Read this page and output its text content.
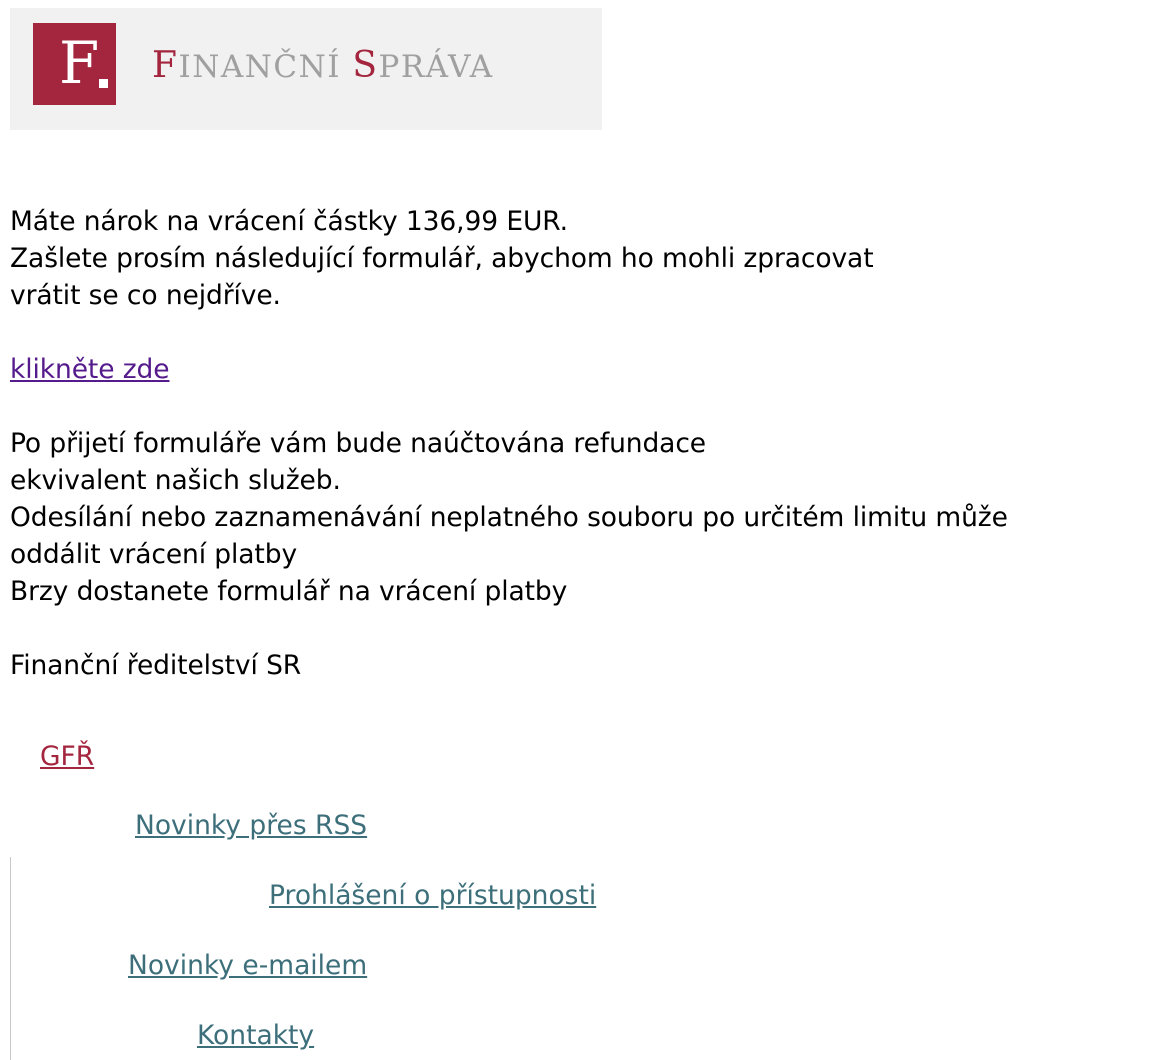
F FINANČNÍ SPRÁVA
Máte nárok na vrácení částky 136,99 EUR.
Zašlete prosím následující formulář, abychom ho mohli zpracovat
vrátit se co nejdříve.
klikněte zde
Po přijetí formuláře vám bude naúčtována refundace
ekvivalent našich služeb.
Odesílání nebo zaznamenávání neplatného souboru po určitém limitu může
oddálit vrácení platby
Brzy dostanete formulář na vrácení platby
Finanční ředitelství SR
GFŘ
Novinky přes RSS
Prohlášení o přístupnosti
Novinky e-mailem
Kontakty
